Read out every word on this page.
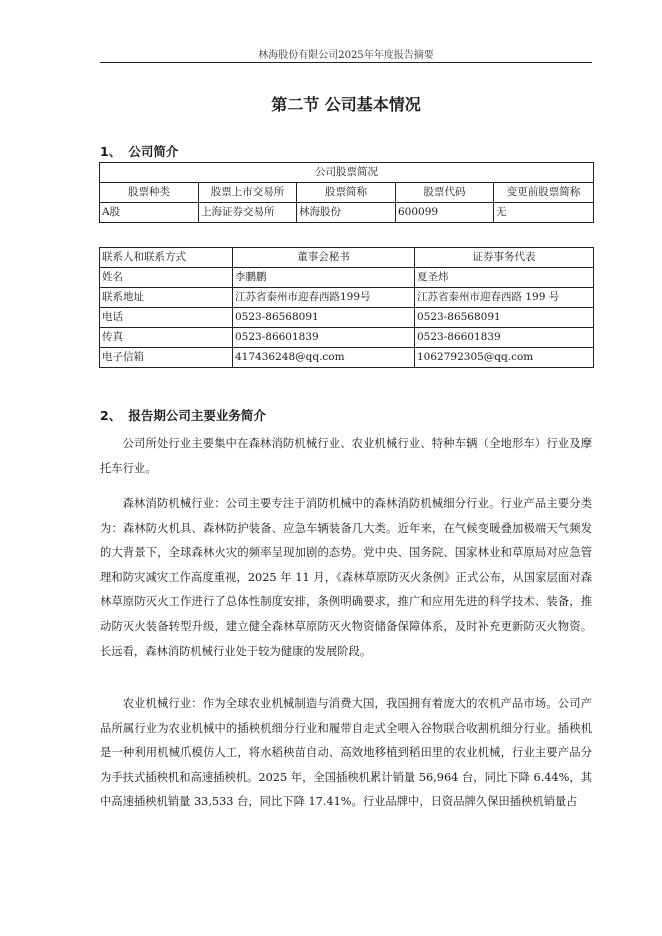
林海股份有限公司2025年年度报告摘要
第二节 公司基本情况
1、 公司简介
公司股票简况				
股票种类	股票上市交易所	股票简称	股票代码	变更前股票简称
A股	上海证券交易所	林海股份	600099	无
联系人和联系方式	董事会秘书	证券事务代表
姓名	李鹏鹏	夏圣炜
联系地址	江苏省泰州市迎春西路199号	江苏省泰州市迎春西路 199 号
电话	0523-86568091	0523-86568091
传真	0523-86601839	0523-86601839
电子信箱	417436248@qq.com	1062792305@qq.com
2、 报告期公司主要业务简介

公司所处行业主要集中在森林消防机械行业、农业机械行业、特种车辆（全地形车）行业及摩托车行业。

森林消防机械行业：公司主要专注于消防机械中的森林消防机械细分行业。行业产品主要分类为：森林防火机具、森林防护装备、应急车辆装备几大类。近年来，在气候变暖叠加极端天气频发的大背景下，全球森林火灾的频率呈现加剧的态势。党中央、国务院、国家林业和草原局对应急管理和防灾减灾工作高度重视，2025 年 11 月，《森林草原防灭火条例》正式公布，从国家层面对森林草原防灭火工作进行了总体性制度安排，条例明确要求，推广和应用先进的科学技术、装备，推动防灭火装备转型升级，建立健全森林草原防灭火物资储备保障体系，及时补充更新防灭火物资。长远看，森林消防机械行业处于较为健康的发展阶段。

农业机械行业：作为全球农业机械制造与消费大国，我国拥有着庞大的农机产品市场。公司产品所属行业为农业机械中的插秧机细分行业和履带自走式全喂入谷物联合收割机细分行业。插秧机是一种利用机械爪模仿人工，将水稻秧苗自动、高效地移植到稻田里的农业机械，行业主要产品分为手扶式插秧机和高速插秧机。2025 年，全国插秧机累计销量 56,964 台，同比下降 6.44%，其中高速插秧机销量 33,533 台，同比下降 17.41%。行业品牌中，日资品牌久保田插秧机销量占
